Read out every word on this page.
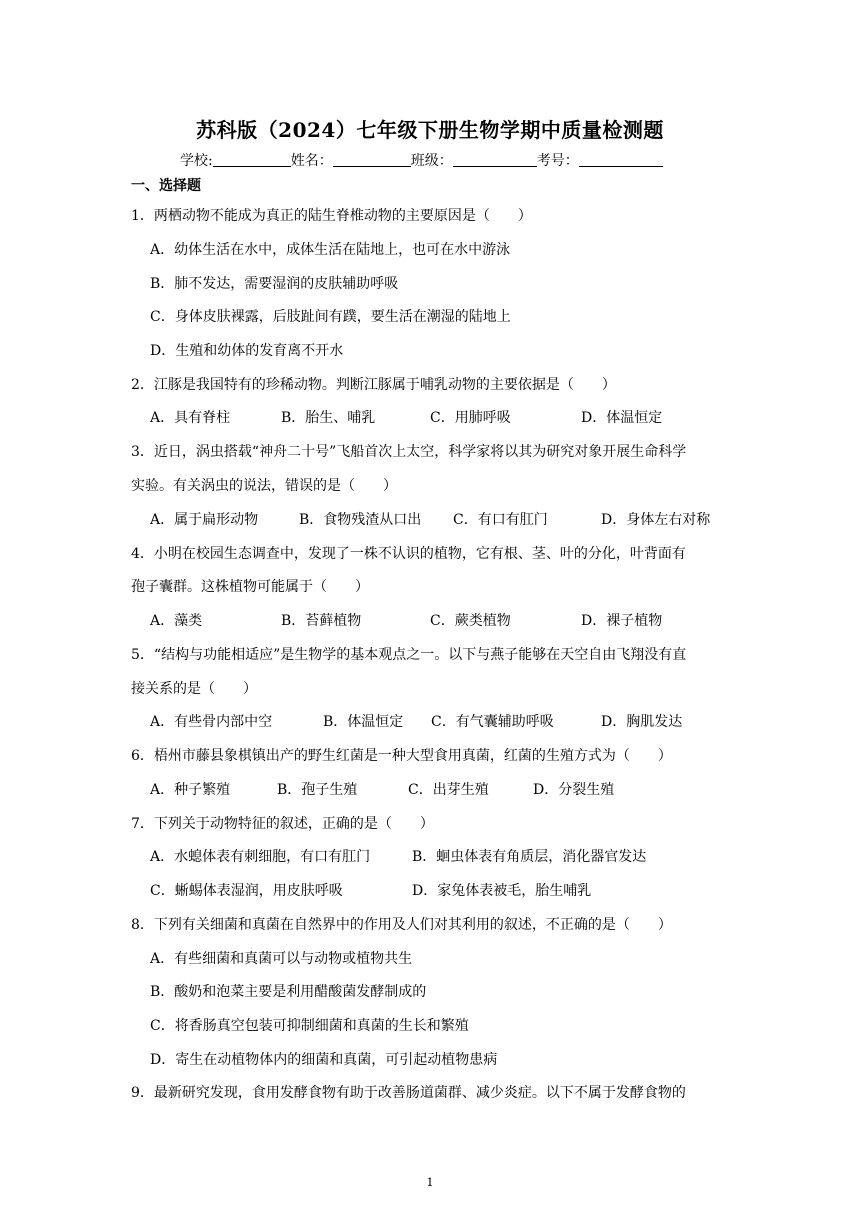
苏科版（2024）七年级下册生物学期中质量检测题
学校:	姓名：	班级：	考号：
一、选择题
1．两栖动物不能成为真正的陆生脊椎动物的主要原因是（　　）
A．幼体生活在水中，成体生活在陆地上，也可在水中游泳
B．肺不发达，需要湿润的皮肤辅助呼吸
C．身体皮肤裸露，后肢趾间有蹼，要生活在潮湿的陆地上
D．生殖和幼体的发育离不开水
2．江豚是我国特有的珍稀动物。判断江豚属于哺乳动物的主要依据是（　　）
A．具有脊柱	B．胎生、哺乳	C．用肺呼吸	D．体温恒定
3．近日，涡虫搭载“神舟二十号”飞船首次上太空，科学家将以其为研究对象开展生命科学
实验。有关涡虫的说法，错误的是（　　）
A．属于扁形动物	B．食物残渣从口出 C．有口有肛门	D．身体左右对称
4．小明在校园生态调查中，发现了一株不认识的植物，它有根、茎、叶的分化，叶背面有
孢子囊群。这株植物可能属于（　　）
A．藻类	B．苔藓植物	C．蕨类植物	D．裸子植物
5．“结构与功能相适应”是生物学的基本观点之一。以下与燕子能够在天空自由飞翔没有直
接关系的是（　　）
A．有些骨内部中空	B．体温恒定 C．有气囊辅助呼吸	D．胸肌发达
6．梧州市藤县象棋镇出产的野生红菌是一种大型食用真菌，红菌的生殖方式为（　　）
A．种子繁殖	B．孢子生殖	C．出芽生殖	D．分裂生殖
7．下列关于动物特征的叙述，正确的是（　　）
A．水螅体表有刺细胞，有口有肛门	B．蛔虫体表有角质层，消化器官发达
C．蜥蜴体表湿润，用皮肤呼吸	D．家兔体表被毛，胎生哺乳
8．下列有关细菌和真菌在自然界中的作用及人们对其利用的叙述，不正确的是（　　）
A．有些细菌和真菌可以与动物或植物共生
B．酸奶和泡菜主要是利用醋酸菌发酵制成的
C．将香肠真空包装可抑制细菌和真菌的生长和繁殖
D．寄生在动植物体内的细菌和真菌，可引起动植物患病
9．最新研究发现，食用发酵食物有助于改善肠道菌群、减少炎症。以下不属于发酵食物的
1
